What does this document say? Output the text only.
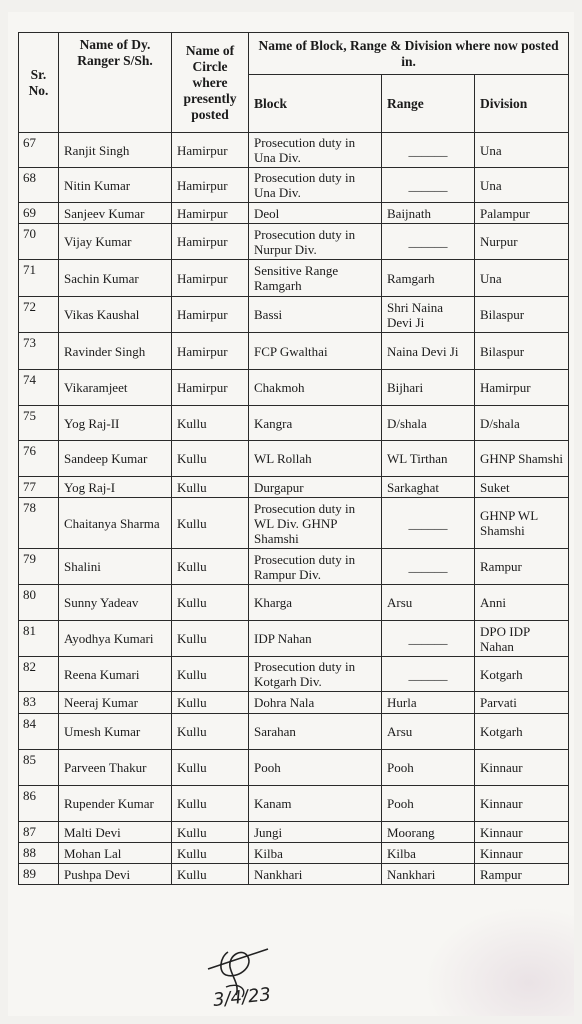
Sr. No.	Name of Dy. Ranger S/Sh.	Name of Circle where presently posted	Name of Block, Range & Division where now posted in.		
			Block	Range	Division
67	Ranjit Singh	Hamirpur	Prosecution duty in Una Div.	______	Una
68	Nitin Kumar	Hamirpur	Prosecution duty in Una Div.	______	Una
69	Sanjeev Kumar	Hamirpur	Deol	Baijnath	Palampur
70	Vijay Kumar	Hamirpur	Prosecution duty in Nurpur Div.	______	Nurpur
71	Sachin Kumar	Hamirpur	Sensitive Range Ramgarh	Ramgarh	Una
72	Vikas Kaushal	Hamirpur	Bassi	Shri Naina Devi Ji	Bilaspur
73	Ravinder Singh	Hamirpur	FCP Gwalthai	Naina Devi Ji	Bilaspur
74	Vikaramjeet	Hamirpur	Chakmoh	Bijhari	Hamirpur
75	Yog Raj-II	Kullu	Kangra	D/shala	D/shala
76	Sandeep Kumar	Kullu	WL Rollah	WL Tirthan	GHNP Shamshi
77	Yog Raj-I	Kullu	Durgapur	Sarkaghat	Suket
78	Chaitanya Sharma	Kullu	Prosecution duty in WL Div. GHNP Shamshi	______	GHNP WL Shamshi
79	Shalini	Kullu	Prosecution duty in Rampur Div.	______	Rampur
80	Sunny Yadeav	Kullu	Kharga	Arsu	Anni
81	Ayodhya Kumari	Kullu	IDP Nahan	______	DPO IDP Nahan
82	Reena Kumari	Kullu	Prosecution duty in Kotgarh Div.	______	Kotgarh
83	Neeraj Kumar	Kullu	Dohra Nala	Hurla	Parvati
84	Umesh Kumar	Kullu	Sarahan	Arsu	Kotgarh
85	Parveen Thakur	Kullu	Pooh	Pooh	Kinnaur
86	Rupender Kumar	Kullu	Kanam	Pooh	Kinnaur
87	Malti Devi	Kullu	Jungi	Moorang	Kinnaur
88	Mohan Lal	Kullu	Kilba	Kilba	Kinnaur
89	Pushpa Devi	Kullu	Nankhari	Nankhari	Rampur
3/4/23
